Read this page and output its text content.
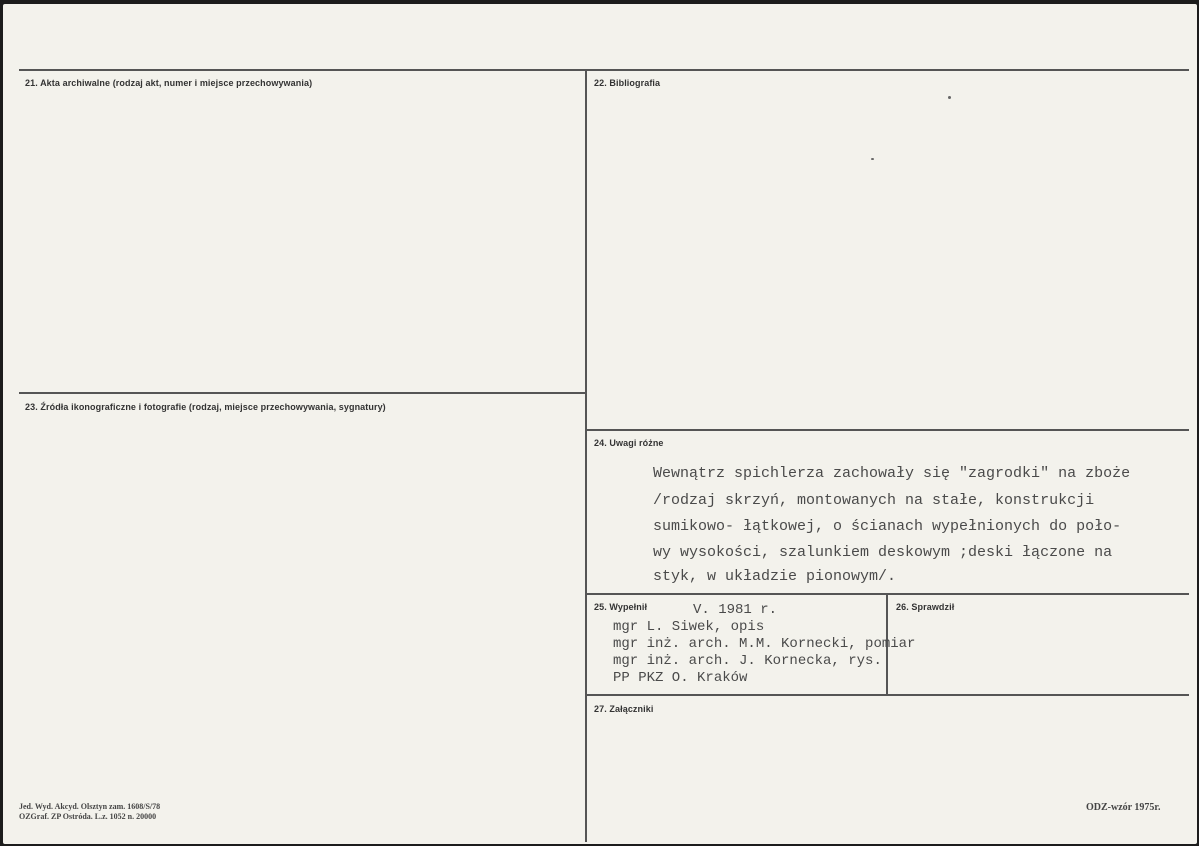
21. Akta archiwalne (rodzaj akt, numer i miejsce przechowywania)	22. Bibliografia
23. Źródła ikonograficzne i fotografie (rodzaj, miejsce przechowywania, sygnatury)
24. Uwagi różne
25. Wypełnił	26. Sprawdził
27. Załączniki
Wewnątrz spichlerza zachowały się "zagrodki" na zboże
/rodzaj skrzyń, montowanych na stałe, konstrukcji
sumikowo- łątkowej, o ścianach wypełnionych do poło-
wy wysokości, szalunkiem deskowym ;deski łączone na
styk, w układzie pionowym/.
V. 1981 r.
mgr L. Siwek, opis
mgr inż. arch. M.M. Kornecki, pomiar
mgr inż. arch. J. Kornecka, rys.
PP PKZ O. Kraków
Jed. Wyd. Akcyd. Olsztyn zam. 1608/S/78
OZGraf. ZP Ostróda. L.z. 1052 n. 20000
ODZ-wzór 1975r.
